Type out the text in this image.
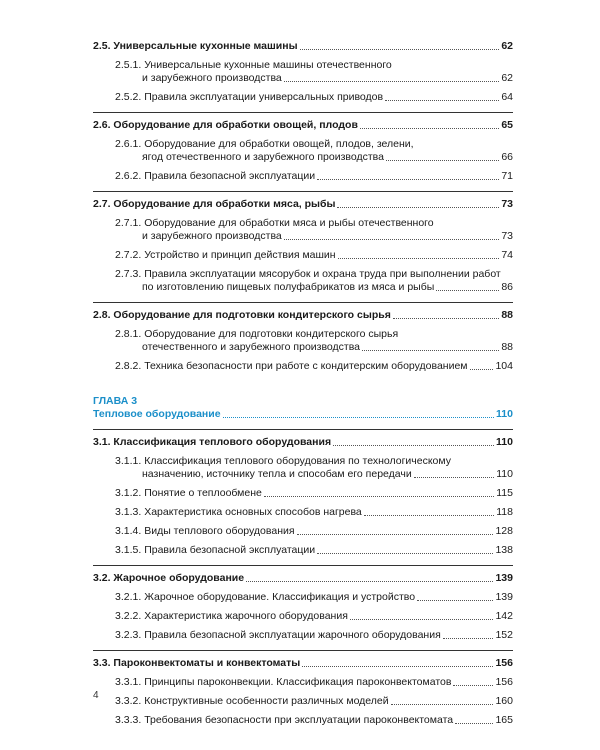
2.5. Универсальные кухонные машины	62
2.5.1. Универсальные кухонные машины отечественного
и зарубежного производства	62
2.5.2. Правила эксплуатации универсальных приводов	64
2.6. Оборудование для обработки овощей, плодов	65
2.6.1. Оборудование для обработки овощей, плодов, зелени,
ягод отечественного и зарубежного производства	66
2.6.2. Правила безопасной эксплуатации	71
2.7. Оборудование для обработки мяса, рыбы	73
2.7.1. Оборудование для обработки мяса и рыбы отечественного
и зарубежного производства	73
2.7.2. Устройство и принцип действия машин	74
2.7.3. Правила эксплуатации мясорубок и охрана труда при выполнении работ
по изготовлению пищевых полуфабрикатов из мяса и рыбы	86
2.8. Оборудование для подготовки кондитерского сырья	88
2.8.1. Оборудование для подготовки кондитерского сырья
отечественного и зарубежного производства	88
2.8.2. Техника безопасности при работе с кондитерским оборудованием	104
ГЛАВА 3
Тепловое оборудование	110
3.1. Классификация теплового оборудования	110
3.1.1. Классификация теплового оборудования по технологическому
назначению, источнику тепла и способам его передачи	110
3.1.2. Понятие о теплообмене	115
3.1.3. Характеристика основных способов нагрева	118
3.1.4. Виды теплового оборудования	128
3.1.5. Правила безопасной эксплуатации	138
3.2. Жарочное оборудование	139
3.2.1. Жарочное оборудование. Классификация и устройство	139
3.2.2. Характеристика жарочного оборудования	142
3.2.3. Правила безопасной эксплуатации жарочного оборудования	152
3.3. Пароконвектоматы и конвектоматы	156
3.3.1. Принципы пароконвекции. Классификация пароконвектоматов	156
3.3.2. Конструктивные особенности различных моделей	160
3.3.3. Требования безопасности при эксплуатации пароконвектомата	165
4
